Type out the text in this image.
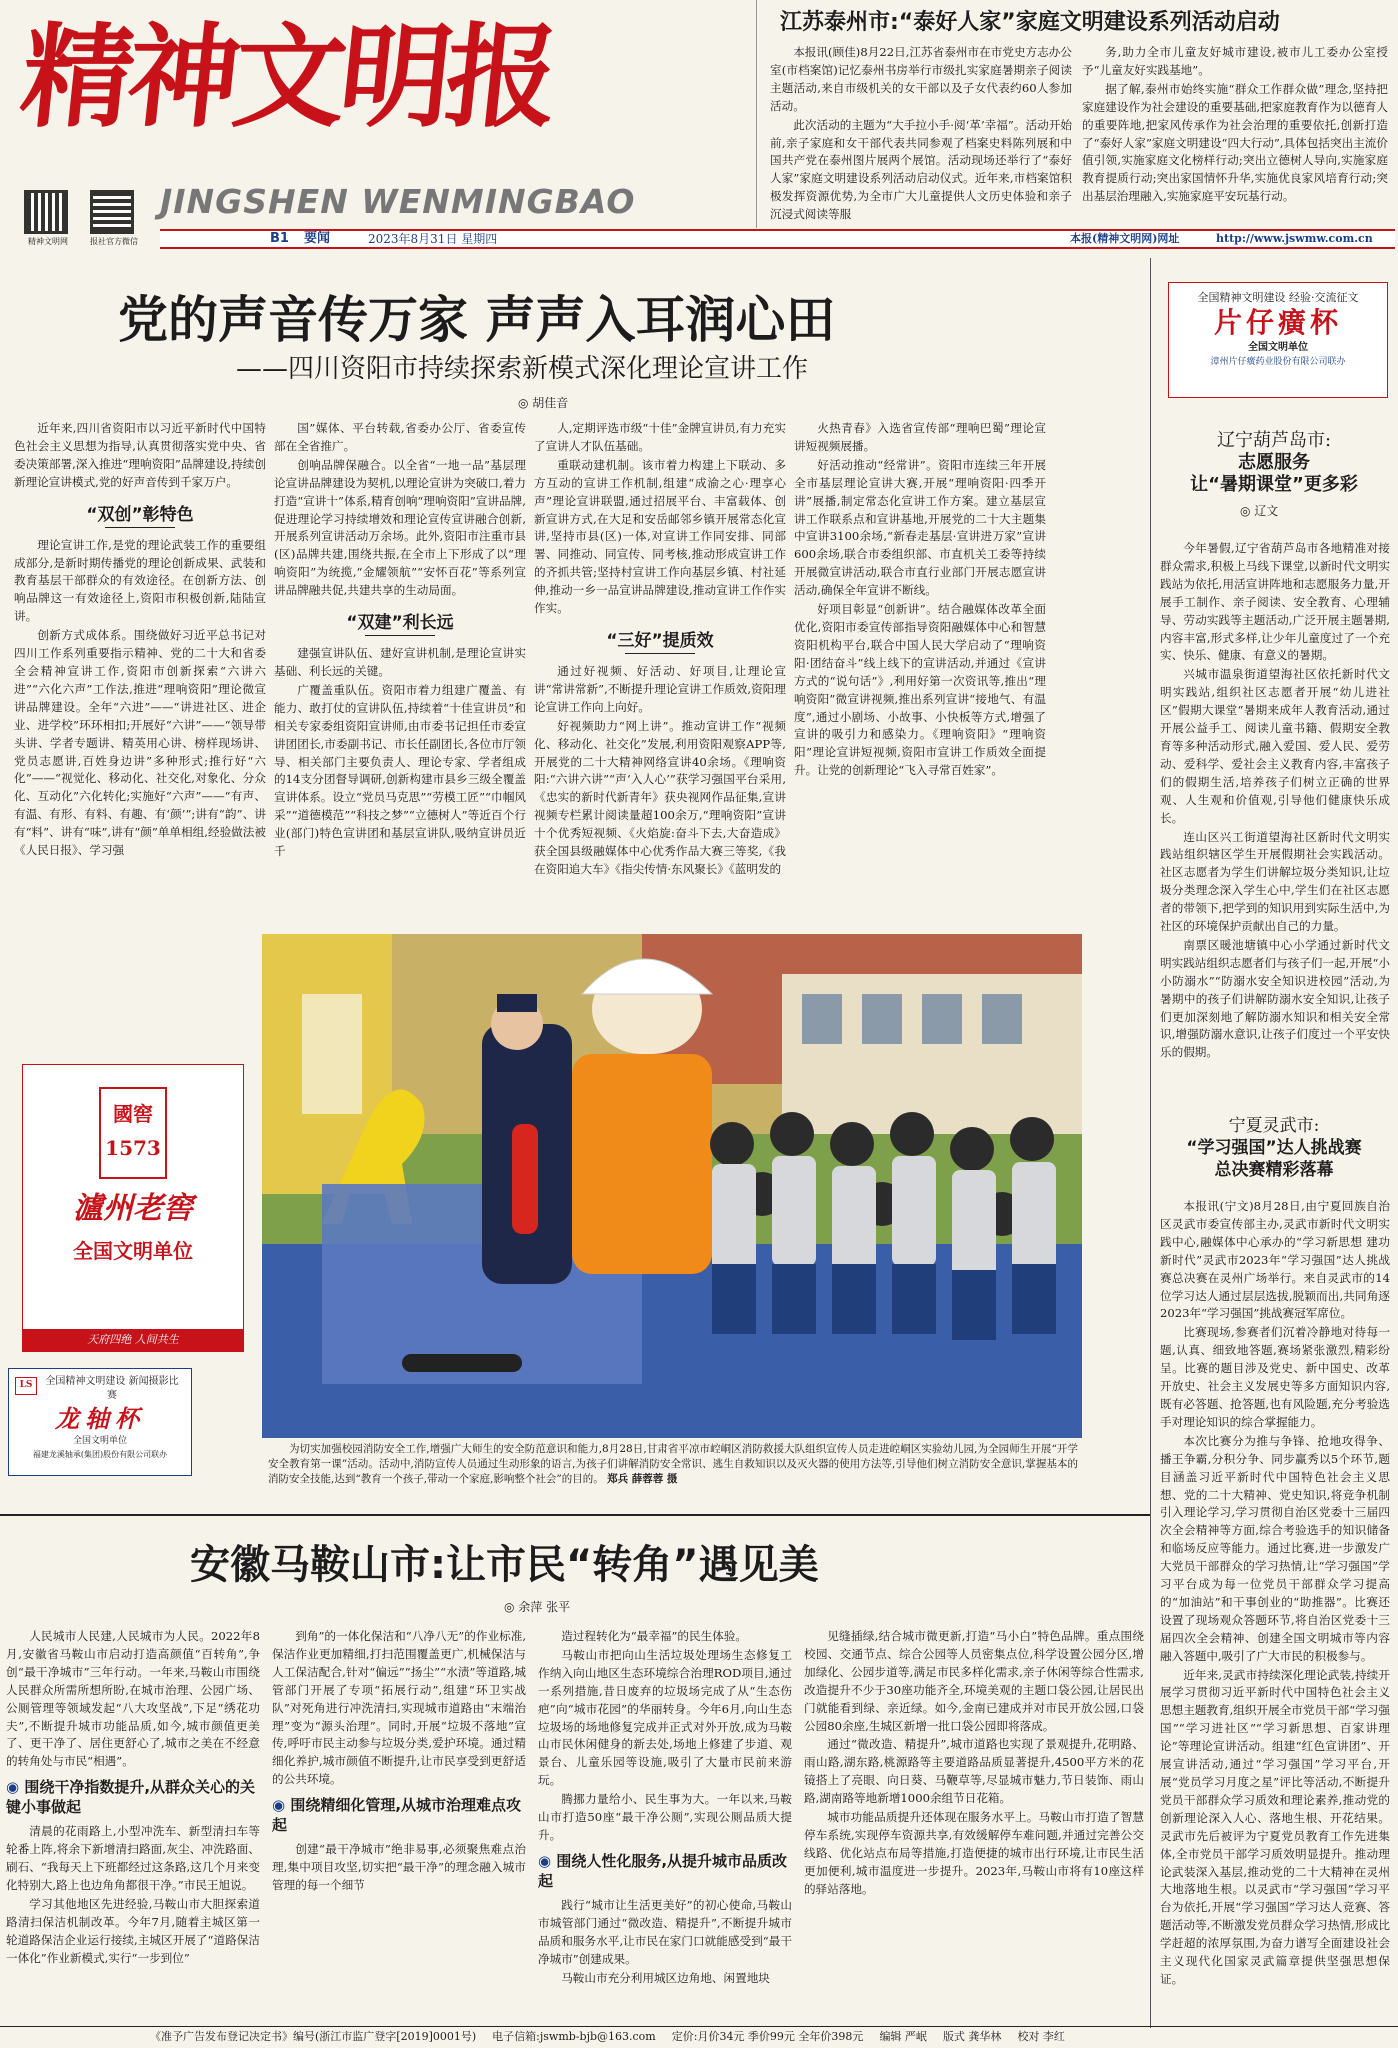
精神文明报
精神文明网	报社官方微信
JINGSHEN WENMINGBAO
B1 要闻	2023年8月31日 星期四	本报(精神文明网)网址	http://www.jswmw.com.cn
江苏泰州市:“泰好人家”家庭文明建设系列活动启动

本报讯(顾佳)8月22日,江苏省泰州市在市党史方志办公室(市档案馆)记忆泰州书房举行市级扎实家庭暑期亲子阅读主题活动,来自市级机关的女干部以及子女代表约60人参加活动。

此次活动的主题为“大手拉小手·阅‘革’幸福”。活动开始前,亲子家庭和女干部代表共同参观了档案史料陈列展和中国共产党在泰州图片展两个展馆。活动现场还举行了“泰好人家”家庭文明建设系列活动启动仪式。近年来,市档案馆积极发挥资源优势,为全市广大儿童提供人文历史体验和亲子沉浸式阅读等服

务,助力全市儿童友好城市建设,被市儿工委办公室授予“儿童友好实践基地”。

据了解,泰州市始终实施“群众工作群众做”理念,坚持把家庭建设作为社会建设的重要基础,把家庭教育作为以德育人的重要阵地,把家风传承作为社会治理的重要依托,创新打造了“泰好人家”家庭文明建设“四大行动”,具体包括突出主流价值引领,实施家庭文化榜样行动;突出立德树人导向,实施家庭教育提质行动;突出家国情怀升华,实施优良家风培育行动;突出基层治理融入,实施家庭平安玩基行动。

党的声音传万家 声声入耳润心田
——四川资阳市持续探索新模式深化理论宣讲工作
◎ 胡佳音

近年来,四川省资阳市以习近平新时代中国特色社会主义思想为指导,认真贯彻落实党中央、省委决策部署,深入推进“理响资阳”品牌建设,持续创新理论宣讲模式,党的好声音传到千家万户。

“双创”彰特色

理论宣讲工作,是党的理论武装工作的重要组成部分,是新时期传播党的理论创新成果、武装和教育基层干部群众的有效途径。在创新方法、创响品牌这一有效途径上,资阳市积极创新,陆陆宣讲。

创新方式成体系。围绕做好习近平总书记对四川工作系列重要指示精神、党的二十大和省委全会精神宣讲工作,资阳市创新探索“六讲六进”“六化六声”工作法,推进“理响资阳”理论微宣讲品牌建设。全年“六进”——“讲进社区、进企业、进学校”环环相扣;开展好“六讲”——“领导带头讲、学者专题讲、精英用心讲、榜样现场讲、党员志愿讲,百姓身边讲”多种形式;推行好“六化”——“视觉化、移动化、社交化,对象化、分众化、互动化”六化转化;实施好“六声”——“有声、有温、有形、有料、有趣、有‘颜’”;讲有“韵”、讲有“料”、讲有“味”,讲有“颜”单单相组,经验做法被《人民日报》、学习强

国”媒体、平台转载,省委办公厅、省委宣传部在全省推广。

创响品牌保融合。以全省“一地一品”基层理论宣讲品牌建设为契机,以理论宣讲为突破口,着力打造“宣讲十”体系,精育创响“理响资阳”宣讲品牌,促进理论学习持续增效和理论宣传宣讲融合创新,开展系列宣讲活动万余场。此外,资阳市注重市县(区)品牌共建,围绕共振,在全市上下形成了以“理响资阳”为统揽,“金耀领航”“安怀百花”等系列宣讲品牌融共促,共建共享的生动局面。

“双建”利长远

建强宣讲队伍、建好宣讲机制,是理论宣讲实基础、利长远的关键。

广覆盖重队伍。资阳市着力组建广覆盖、有能力、敢打仗的宣讲队伍,持续着“十佳宣讲员”和相关专家委组资阳宣讲师,由市委书记担任市委宣讲团团长,市委副书记、市长任副团长,各位市厅领导、相关部门主要负责人、理论专家、学者组成的14支分团督导调研,创新构建市县乡三级全覆盖宣讲体系。设立“党员马克思”“劳模工匠”“巾帼风采”“道德模范”“科技之梦”“立德树人”等近百个行业(部门)特色宣讲团和基层宣讲队,吸纳宣讲员近千

人,定期评选市级“十佳”金牌宣讲员,有力充实了宣讲人才队伍基础。

重联动建机制。该市着力构建上下联动、多方互动的宣讲工作机制,组建“成渝之心·理享心声”理论宣讲联盟,通过招展平台、丰富载体、创新宣讲方式,在大足和安岳邮邻乡镇开展常态化宣讲,坚持市县(区)一体,对宣讲工作同安排、同部署、同推动、同宣传、同考核,推动形成宣讲工作的齐抓共管;坚持村宣讲工作向基层乡镇、村社延伸,推动一乡一品宣讲品牌建设,推动宣讲工作作实作实。

“三好”提质效

通过好视频、好活动、好项目,让理论宣讲“常讲常新”,不断提升理论宣讲工作质效,资阳理论宣讲工作向上向好。

好视频助力“网上讲”。推动宣讲工作“视频化、移动化、社交化”发展,利用资阳观察APP等,开展党的二十大精神网络宣讲40余场。《理响资阳:“六讲六讲”“声‘入人心’”获学习强国平台采用,《忠实的新时代新青年》获央视网作品征集,宣讲视频专栏累计阅读量超100余万,“理响资阳”宣讲十个优秀短视频、《火焰旋:奋斗下去,大奋造成》获全国县级融媒体中心优秀作品大赛三等奖,《我在资阳追大车》《指尖传情·东风聚长》《蓝明发的

火热青春》入选省宣传部“理响巴蜀”理论宣讲短视频展播。

好活动推动“经常讲”。资阳市连续三年开展全市基层理论宣讲大赛,开展“理响资阳·四季开讲”展播,制定常态化宣讲工作方案。建立基层宣讲工作联系点和宣讲基地,开展党的二十大主题集中宣讲3100余场,“新春走基层·宣讲进万家”宣讲600余场,联合市委组织部、市直机关工委等持续开展微宣讲活动,联合市直行业部门开展志愿宣讲活动,确保全年宣讲不断线。

好项目彰显“创新讲”。结合融媒体改革全面优化,资阳市委宣传部指导资阳融媒体中心和智慧资阳机构平台,联合中国人民大学启动了“理响资阳·团结奋斗”线上线下的宣讲活动,并通过《宣讲方式的“说句话”》,利用好第一次资讯等,推出“理响资阳”微宣讲视频,推出系列宣讲“接地气、有温度”,通过小剧场、小故事、小快板等方式,增强了宣讲的吸引力和感染力。《理响资阳》“理响资阳”理论宣讲短视频,资阳市宣讲工作质效全面提升。让党的创新理论“飞入寻常百姓家”。

全国精神文明建设 经验·交流征文
片仔癀杯
全国文明单位
漳州片仔癀药业股份有限公司联办
辽宁葫芦岛市:
志愿服务
让“暑期课堂”更多彩
◎ 辽文

今年暑假,辽宁省葫芦岛市各地精准对接群众需求,积极上马线下课堂,以新时代文明实践站为依托,用活宣讲阵地和志愿服务力量,开展手工制作、亲子阅读、安全教育、心理辅导、劳动实践等主题活动,广泛开展主题暑期,内容丰富,形式多样,让少年儿童度过了一个充实、快乐、健康、有意义的暑期。

兴城市温泉街道望海社区依托新时代文明实践站,组织社区志愿者开展“幼儿进社区”假期大课堂“暑期来成年人教育活动,通过开展公益手工、阅读儿童书籍、假期安全教育等多种活动形式,融入爱国、爱人民、爱劳动、爱科学、爱社会主义教育内容,丰富孩子们的假期生活,培养孩子们树立正确的世界观、人生观和价值观,引导他们健康快乐成长。

连山区兴工街道望海社区新时代文明实践站组织辖区学生开展假期社会实践活动。社区志愿者为学生们讲解垃圾分类知识,让垃圾分类理念深入学生心中,学生们在社区志愿者的带领下,把学到的知识用到实际生活中,为社区的环境保护贡献出自己的力量。

南票区暖池塘镇中心小学通过新时代文明实践站组织志愿者们与孩子们一起,开展“小小防溺水”“防溺水安全知识进校园”活动,为暑期中的孩子们讲解防溺水安全知识,让孩子们更加深刻地了解防溺水知识和相关安全常识,增强防溺水意识,让孩子们度过一个平安快乐的假期。

宁夏灵武市:
“学习强国”达人挑战赛
总决赛精彩落幕

本报讯(宁文)8月28日,由宁夏回族自治区灵武市委宣传部主办,灵武市新时代文明实践中心,融媒体中心承办的“学习新思想 建功新时代”灵武市2023年“学习强国”达人挑战赛总决赛在灵州广场举行。来自灵武市的14位学习达人通过层层选拔,脱颖而出,共同角逐2023年“学习强国”挑战赛冠军席位。

比赛现场,参赛者们沉着冷静地对待每一题,认真、细致地答题,赛场紧张激烈,精彩纷呈。比赛的题目涉及党史、新中国史、改革开放史、社会主义发展史等多方面知识内容,既有必答题、抢答题,也有风险题,充分考验选手对理论知识的综合掌握能力。

本次比赛分为推与争锋、抢地攻得争、播王争霸,分积分争、同步赢秀以5个环节,题目涵盖习近平新时代中国特色社会主义思想、党的二十大精神、党史知识,将竞争机制引入理论学习,学习贯彻自治区党委十三届四次全会精神等方面,综合考验选手的知识储备和临场反应等能力。通过比赛,进一步激发广大党员干部群众的学习热情,让“学习强国”学习平台成为每一位党员干部群众学习提高的“加油站”和干事创业的“助推器”。比赛还设置了现场观众答题环节,将自治区党委十三届四次全会精神、创建全国文明城市等内容融入答题中,吸引了广大市民的积极参与。

近年来,灵武市持续深化理论武装,持续开展学习贯彻习近平新时代中国特色社会主义思想主题教育,组织开展全市党员干部“学习强国”“学习进社区”“学习新思想、百家讲理论”等理论宣讲活动。组建“红色宣讲团”、开展宣讲活动,通过“学习强国”学习平台,开展“党员学习月度之星”评比等活动,不断提升党员干部群众学习质效和理论素养,推动党的创新理论深入人心、落地生根、开花结果。灵武市先后被评为宁夏党员教育工作先进集体,全市党员干部学习质效明显提升。推动理论武装深入基层,推动党的二十大精神在灵州大地落地生根。以灵武市“学习强国”学习平台为依托,开展“学习强国”学习达人竞赛、答题活动等,不断激发党员群众学习热情,形成比学赶超的浓厚氛围,为奋力谱写全面建设社会主义现代化国家灵武篇章提供坚强思想保证。

國窖 1573
瀘州老窖
全国文明单位
天府四绝 人间共生
LS	全国精神文明建设 新闻摄影比赛
龙轴杯
全国文明单位
福建龙溪轴承(集团)股份有限公司联办	为切实加强校园消防安全工作,增强广大师生的安全防范意识和能力,8月28日,甘肃省平凉市崆峒区消防救援大队组织宣传人员走进崆峒区实验幼儿园,为全园师生开展“开学安全教育第一课”活动。活动中,消防宣传人员通过生动形象的语言,为孩子们讲解消防安全常识、逃生自救知识以及灭火器的使用方法等,引导他们树立消防安全意识,掌握基本的消防安全技能,达到“教育一个孩子,带动一个家庭,影响整个社会”的目的。 郑兵 薛蓉蓉 摄
安徽马鞍山市:让市民“转角”遇见美
◎ 余萍 张平

人民城市人民建,人民城市为人民。2022年8月,安徽省马鞍山市启动打造高颜值“百转角”,争创“最干净城市”三年行动。一年来,马鞍山市围绕人民群众所需所想所盼,在城市治理、公园广场、公厕管理等领域发起“八大攻坚战”,下足“绣花功夫”,不断提升城市功能品质,如今,城市颜值更美了、更干净了、居住更舒心了,城市之美在不经意的转角处与市民“相遇”。

◉ 围绕干净指数提升,从群众关心的关键小事做起

清晨的花雨路上,小型冲洗车、新型清扫车等轮番上阵,将余下新增清扫路面,灰尘、冲洗路面、刷石、“我每天上下班都经过这条路,这几个月来变化特别大,路上也边角角都很干净。”市民王旭说。

学习其他地区先进经验,马鞍山市大胆探索道路清扫保洁机制改革。今年7月,随着主城区第一轮道路保洁企业运行接续,主城区开展了“道路保洁一体化”作业新模式,实行“一步到位”

到角”的一体化保洁和“八净八无”的作业标准,保洁作业更加精细,打扫范围覆盖更广,机械保洁与人工保洁配合,针对“偏远”“扬尘”“水渍”等道路,城管部门开展了专项“拓展行动”,组建“环卫实战队”对死角进行冲洗清扫,实现城市道路由“末端治理”变为“源头治理”。同时,开展“垃圾不落地”宣传,呼吁市民主动参与垃圾分类,爱护环境。通过精细化养护,城市颜值不断提升,让市民享受到更舒适的公共环境。

◉ 围绕精细化管理,从城市治理难点攻起

创建“最干净城市”绝非易事,必须聚焦难点治理,集中项目攻坚,切实把“最干净”的理念融入城市管理的每一个细节

造过程转化为“最幸福”的民生体验。

马鞍山市把向山生活垃圾处理场生态修复工作纳入向山地区生态环境综合治理ROD项目,通过一系列措施,昔日废弃的垃圾场完成了从“生态伤疤”向“城市花园”的华丽转身。今年6月,向山生态垃圾场的场地修复完成并正式对外开放,成为马鞍山市民休闲健身的新去处,场地上修建了步道、观景台、儿童乐园等设施,吸引了大量市民前来游玩。

腾挪力量给小、民生事为大。一年以来,马鞍山市打造50座“最干净公厕”,实现公厕品质大提升。

◉ 围绕人性化服务,从提升城市品质改起

践行“城市让生活更美好”的初心使命,马鞍山市城管部门通过“微改造、精提升”,不断提升城市品质和服务水平,让市民在家门口就能感受到“最干净城市”创建成果。

马鞍山市充分利用城区边角地、闲置地块

见缝插绿,结合城市微更新,打造“马小白”特色品牌。重点围绕校园、交通节点、综合公园等人员密集点位,科学设置公园分区,增加绿化、公园步道等,满足市民多样化需求,亲子休闲等综合性需求,改造提升不少于30座功能齐全,环境美观的主题口袋公园,让居民出门就能看到绿、亲近绿。如今,金南已建成并对市民开放公园,口袋公园80余座,生城区新增一批口袋公园即将落成。

通过“微改造、精提升”,城市道路也实现了景观提升,花明路、雨山路,湖东路,桃源路等主要道路品质显著提升,4500平方米的花镜搭上了亮眼、向日葵、马鞭草等,尽显城市魅力,节日装饰、雨山路,湖南路等地新增1000余组节日花箱。

城市功能品质提升还体现在服务水平上。马鞍山市打造了智慧停车系统,实现停车资源共享,有效缓解停车难问题,并通过完善公交线路、优化站点布局等措施,打造便捷的城市出行环境,让市民生活更加便利,城市温度进一步提升。2023年,马鞍山市将有10座这样的驿站落地。

《准予广告发布登记决定书》编号(浙江市监广登字[2019]0001号) 电子信箱:jswmb-bjb@163.com 定价:月价34元 季价99元 全年价398元 编辑 严岷 版式 龚华林 校对 李红
